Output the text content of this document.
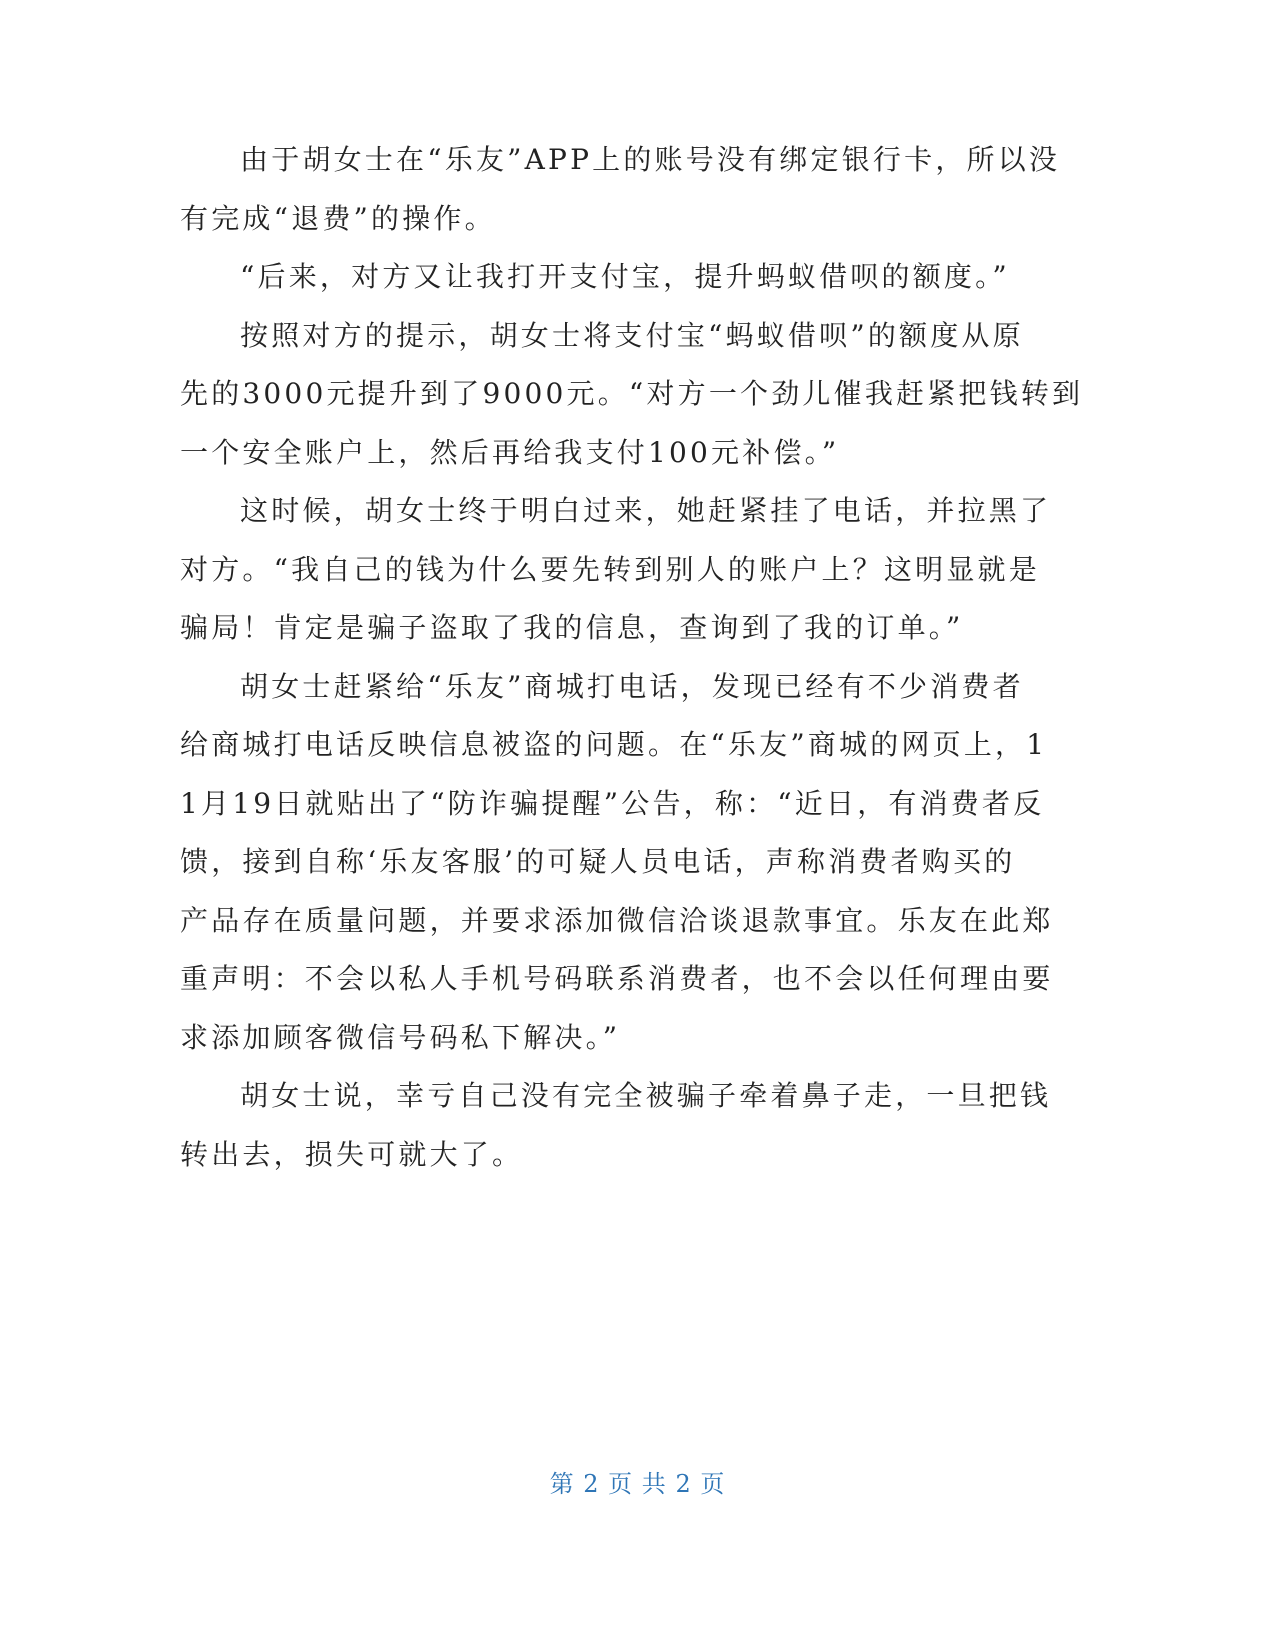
由于胡女士在“乐友”APP上的账号没有绑定银行卡，所以没
有完成“退费”的操作。
“后来，对方又让我打开支付宝，提升蚂蚁借呗的额度。”
按照对方的提示，胡女士将支付宝“蚂蚁借呗”的额度从原
先的3000元提升到了9000元。“对方一个劲儿催我赶紧把钱转到
一个安全账户上，然后再给我支付100元补偿。”
这时候，胡女士终于明白过来，她赶紧挂了电话，并拉黑了
对方。“我自己的钱为什么要先转到别人的账户上？这明显就是
骗局！肯定是骗子盗取了我的信息，查询到了我的订单。”
胡女士赶紧给“乐友”商城打电话，发现已经有不少消费者
给商城打电话反映信息被盗的问题。在“乐友”商城的网页上，1
1月19日就贴出了“防诈骗提醒”公告，称：“近日，有消费者反
馈，接到自称‘乐友客服’的可疑人员电话，声称消费者购买的
产品存在质量问题，并要求添加微信洽谈退款事宜。乐友在此郑
重声明：不会以私人手机号码联系消费者，也不会以任何理由要
求添加顾客微信号码私下解决。”
胡女士说，幸亏自己没有完全被骗子牵着鼻子走，一旦把钱
转出去，损失可就大了。
第 2 页 共 2 页
